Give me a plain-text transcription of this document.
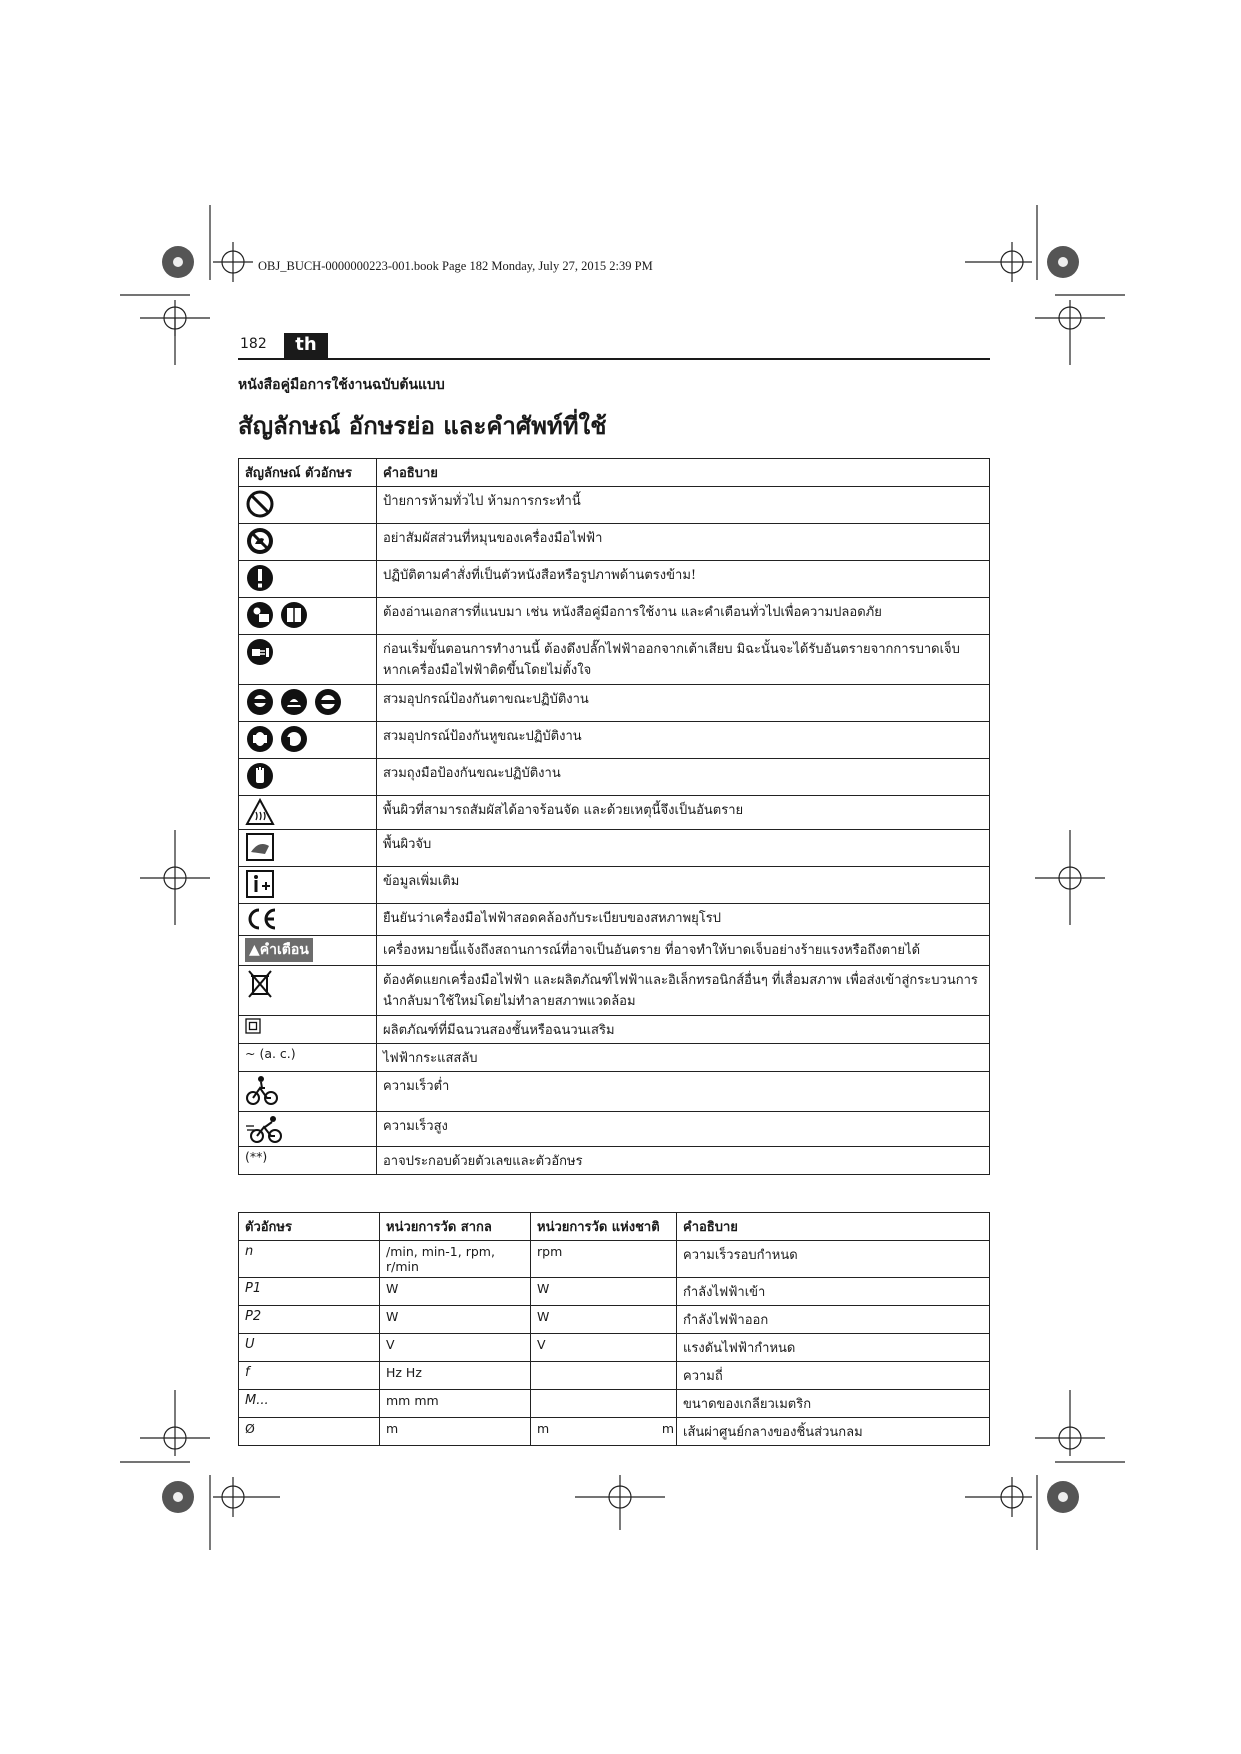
OBJ_BUCH-0000000223-001.book Page 182 Monday, July 27, 2015 2:39 PM
182	th
หนังสือคู่มือการใช้งานฉบับต้นแบบ
สัญลักษณ์ อักษรย่อ และคำศัพท์ที่ใช้
สัญลักษณ์ ตัวอักษร	คำอธิบาย

	ป้ายการห้ามทั่วไป ห้ามการกระทำนี้

	อย่าสัมผัสส่วนที่หมุนของเครื่องมือไฟฟ้า

	ปฏิบัติตามคำสั่งที่เป็นตัวหนังสือหรือรูปภาพด้านตรงข้าม!

	ต้องอ่านเอกสารที่แนบมา เช่น หนังสือคู่มือการใช้งาน และคำเตือนทั่วไปเพื่อความปลอดภัย

	ก่อนเริ่มขั้นตอนการทำงานนี้ ต้องดึงปลั๊กไฟฟ้าออกจากเต้าเสียบ มิฉะนั้นจะได้รับอันตรายจากการบาดเจ็บหากเครื่องมือไฟฟ้าติดขึ้นโดยไม่ตั้งใจ

	สวมอุปกรณ์ป้องกันตาขณะปฏิบัติงาน

	สวมอุปกรณ์ป้องกันหูขณะปฏิบัติงาน

	สวมถุงมือป้องกันขณะปฏิบัติงาน

	พื้นผิวที่สามารถสัมผัสได้อาจร้อนจัด และด้วยเหตุนี้จึงเป็นอันตราย

	พื้นผิวจับ

	ข้อมูลเพิ่มเติม

	ยืนยันว่าเครื่องมือไฟฟ้าสอดคล้องกับระเบียบของสหภาพยุโรป
▲คำเตือน	เครื่องหมายนี้แจ้งถึงสถานการณ์ที่อาจเป็นอันตราย ที่อาจทำให้บาดเจ็บอย่างร้ายแรงหรือถึงตายได้

	ต้องคัดแยกเครื่องมือไฟฟ้า และผลิตภัณฑ์ไฟฟ้าและอิเล็กทรอนิกส์อื่นๆ ที่เสื่อมสภาพ เพื่อส่งเข้าสู่กระบวนการนำกลับมาใช้ใหม่โดยไม่ทำลายสภาพแวดล้อม

	ผลิตภัณฑ์ที่มีฉนวนสองชั้นหรือฉนวนเสริม
~ (a. c.)	ไฟฟ้ากระแสสลับ

	ความเร็วต่ำ

	ความเร็วสูง
(**)	อาจประกอบด้วยตัวเลขและตัวอักษร
ตัวอักษร	หน่วยการวัด สากล	หน่วยการวัด แห่งชาติ	คำอธิบาย
n	/min, min-1, rpm, r/min	rpm	ความเร็วรอบกำหนด
P1	W	W	กำลังไฟฟ้าเข้า
P2	W	W	กำลังไฟฟ้าออก
U	V	V	แรงดันไฟฟ้ากำหนด
f	Hz Hz		ความถี่
M...	mm mm		ขนาดของเกลียวเมตริก
Ø	m	m m	เส้นผ่าศูนย์กลางของชิ้นส่วนกลม
